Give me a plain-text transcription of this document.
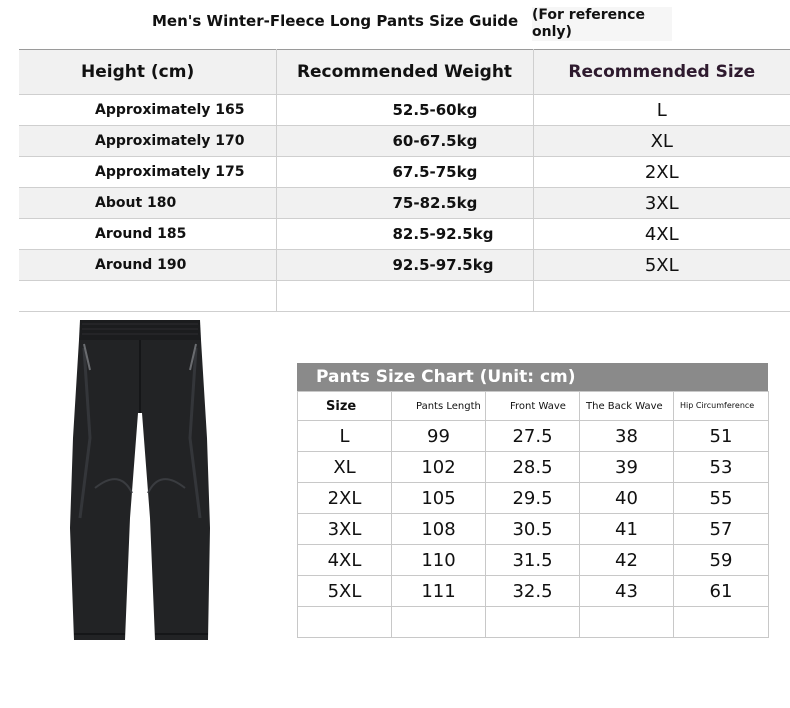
Men's Winter-Fleece Long Pants Size Guide (For reference only)
Height (cm)	Recommended Weight	Recommended Size
Approximately 165	52.5-60kg	L
Approximately 170	60-67.5kg	XL
Approximately 175	67.5-75kg	2XL
About 180	75-82.5kg	3XL
Around 185	82.5-92.5kg	4XL
Around 190	92.5-97.5kg	5XL

Pants Size Chart (Unit: cm)
Size	Pants Length	Front Wave	The Back Wave	Hip Circumference
L	99	27.5	38	51
XL	102	28.5	39	53
2XL	105	29.5	40	55
3XL	108	30.5	41	57
4XL	110	31.5	42	59
5XL	111	32.5	43	61
